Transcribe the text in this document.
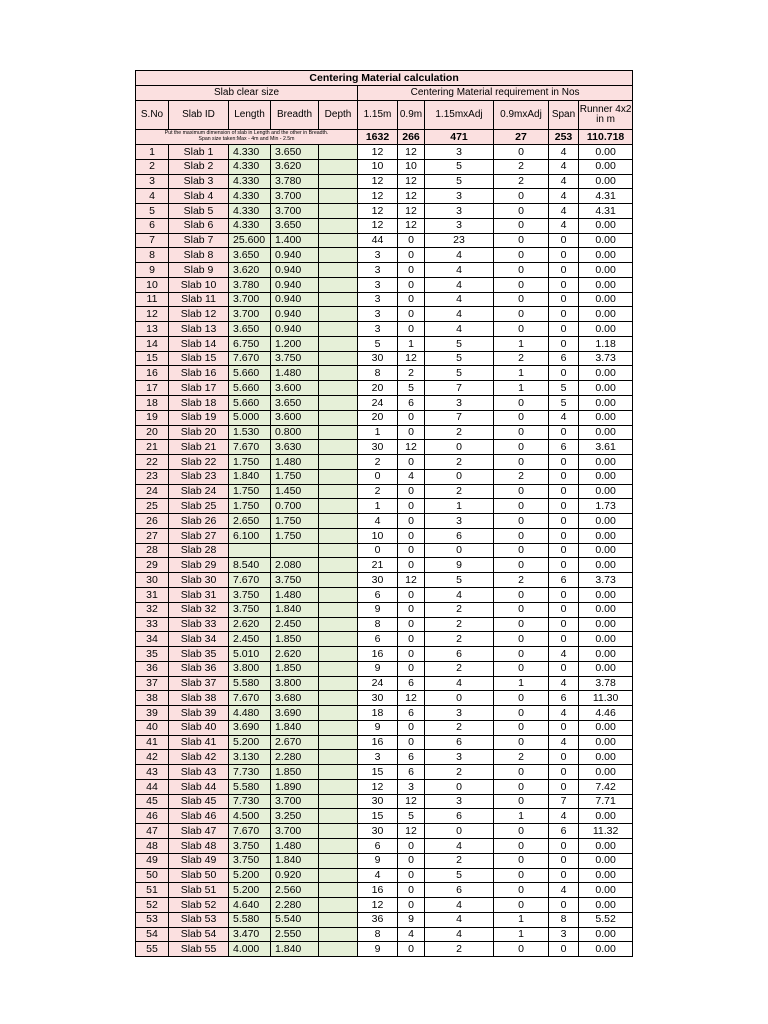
Centering Material calculation										
Slab clear size					Centering Material requirement in Nos					
S.No	Slab ID	Length	Breadth	Depth	1.15m	0.9m	1.15mxAdj	0.9mxAdj	Span	Runner 4x2 in m

Put the maximum dimension of slab in Length and the other in Breadth.
Span size taken:Max - 4m and Min - 2.5m					1632	266	471	27	253	110.718
1	Slab 1	4.330	3.650		12	12	3	0	4	0.00
2	Slab 2	4.330	3.620		10	10	5	2	4	0.00
3	Slab 3	4.330	3.780		12	12	5	2	4	0.00
4	Slab 4	4.330	3.700		12	12	3	0	4	4.31
5	Slab 5	4.330	3.700		12	12	3	0	4	4.31
6	Slab 6	4.330	3.650		12	12	3	0	4	0.00
7	Slab 7	25.600	1.400		44	0	23	0	0	0.00
8	Slab 8	3.650	0.940		3	0	4	0	0	0.00
9	Slab 9	3.620	0.940		3	0	4	0	0	0.00
10	Slab 10	3.780	0.940		3	0	4	0	0	0.00
11	Slab 11	3.700	0.940		3	0	4	0	0	0.00
12	Slab 12	3.700	0.940		3	0	4	0	0	0.00
13	Slab 13	3.650	0.940		3	0	4	0	0	0.00
14	Slab 14	6.750	1.200		5	1	5	1	0	1.18
15	Slab 15	7.670	3.750		30	12	5	2	6	3.73
16	Slab 16	5.660	1.480		8	2	5	1	0	0.00
17	Slab 17	5.660	3.600		20	5	7	1	5	0.00
18	Slab 18	5.660	3.650		24	6	3	0	5	0.00
19	Slab 19	5.000	3.600		20	0	7	0	4	0.00
20	Slab 20	1.530	0.800		1	0	2	0	0	0.00
21	Slab 21	7.670	3.630		30	12	0	0	6	3.61
22	Slab 22	1.750	1.480		2	0	2	0	0	0.00
23	Slab 23	1.840	1.750		0	4	0	2	0	0.00
24	Slab 24	1.750	1.450		2	0	2	0	0	0.00
25	Slab 25	1.750	0.700		1	0	1	0	0	1.73
26	Slab 26	2.650	1.750		4	0	3	0	0	0.00
27	Slab 27	6.100	1.750		10	0	6	0	0	0.00
28	Slab 28				0	0	0	0	0	0.00
29	Slab 29	8.540	2.080		21	0	9	0	0	0.00
30	Slab 30	7.670	3.750		30	12	5	2	6	3.73
31	Slab 31	3.750	1.480		6	0	4	0	0	0.00
32	Slab 32	3.750	1.840		9	0	2	0	0	0.00
33	Slab 33	2.620	2.450		8	0	2	0	0	0.00
34	Slab 34	2.450	1.850		6	0	2	0	0	0.00
35	Slab 35	5.010	2.620		16	0	6	0	4	0.00
36	Slab 36	3.800	1.850		9	0	2	0	0	0.00
37	Slab 37	5.580	3.800		24	6	4	1	4	3.78
38	Slab 38	7.670	3.680		30	12	0	0	6	11.30
39	Slab 39	4.480	3.690		18	6	3	0	4	4.46
40	Slab 40	3.690	1.840		9	0	2	0	0	0.00
41	Slab 41	5.200	2.670		16	0	6	0	4	0.00
42	Slab 42	3.130	2.280		3	6	3	2	0	0.00
43	Slab 43	7.730	1.850		15	6	2	0	0	0.00
44	Slab 44	5.580	1.890		12	3	0	0	0	7.42
45	Slab 45	7.730	3.700		30	12	3	0	7	7.71
46	Slab 46	4.500	3.250		15	5	6	1	4	0.00
47	Slab 47	7.670	3.700		30	12	0	0	6	11.32
48	Slab 48	3.750	1.480		6	0	4	0	0	0.00
49	Slab 49	3.750	1.840		9	0	2	0	0	0.00
50	Slab 50	5.200	0.920		4	0	5	0	0	0.00
51	Slab 51	5.200	2.560		16	0	6	0	4	0.00
52	Slab 52	4.640	2.280		12	0	4	0	0	0.00
53	Slab 53	5.580	5.540		36	9	4	1	8	5.52
54	Slab 54	3.470	2.550		8	4	4	1	3	0.00
55	Slab 55	4.000	1.840		9	0	2	0	0	0.00
